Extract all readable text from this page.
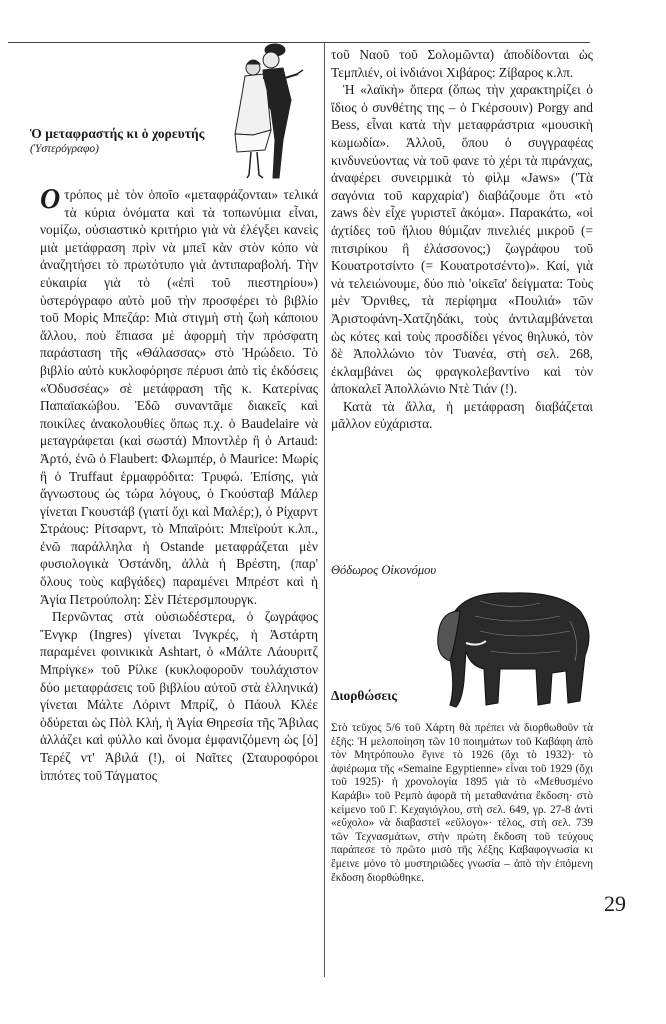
Ὁ μεταφραστής κι ὁ χορευτής
(Ὑστερόγραφο)

Ο τρόπος μὲ τὸν ὁποῖο «μεταφράζονται» τελικά τὰ κύρια ὀνόματα καὶ τὰ τοπωνύμια εἶναι, νομίζω, οὐσιαστικὸ κριτήριο γιὰ νὰ ἐλέγξει κανεὶς μιὰ μετάφραση πρὶν νὰ μπεῖ κὰν στὸν κόπο νὰ ἀναζητήσει τὸ πρωτότυπο γιὰ ἀντιπαραβολή. Τὴν εὐκαιρία γιὰ τὸ («ἐπὶ τοῦ πιεστηρίου») ὑστερόγραφο αὐτὸ μοῦ τὴν προσφέρει τὸ βιβλίο τοῦ Μορὶς Μπεζάρ: Μιὰ στιγμὴ στὴ ζωὴ κάποιου ἄλλου, ποὺ ἔπιασα μὲ ἀφορμὴ τὴν πρόσφατη παράσταση τῆς «Θάλασσας» στὸ Ἡρώδειο. Τὸ βιβλίο αὐτὸ κυκλοφόρησε πέρυσι ἀπὸ τὶς ἐκδόσεις «Ὀδυσσέας» σὲ μετάφραση τῆς κ. Κατερίνας Παπαϊακώβου. Ἐδῶ συναντᾶμε διακεῖς καὶ ποικίλες ἀνακολουθίες ὅπως π.χ. ὁ Baudelaire νὰ μεταγράφεται (καὶ σωστά) Μποντλὲρ ἢ ὁ Artaud: Ἀρτό, ἐνῶ ὁ Flaubert: Φλωμπέρ, ὁ Maurice: Μωρίς ἢ ὁ Truffaut ἑρμαφρόδιτα: Τρυφώ. Ἐπίσης, γιὰ ἄγνωστους ὡς τώρα λόγους, ὁ Γκούσταβ Μάλερ γίνεται Γκουστάβ (γιατί ὄχι καὶ Μαλέρ;), ὁ Ρίχαρντ Στράους: Ρίτσαρντ, τὸ Μπαϊρόιτ: Μπεϊρούτ κ.λπ., ἐνῶ παράλληλα ἡ Ostande μεταφράζεται μὲν φυσιολογικὰ Ὀστάνδη, ἀλλὰ ἡ Βρέστη, (παρ' ὅλους τοὺς καβγάδες) παραμένει Μπρέστ καὶ ἡ Ἁγία Πετρούπολη: Σὲν Πέτερσμπουργκ.

Περνῶντας στὰ οὐσιωδέστερα, ὁ ζωγράφος Ἔνγκρ (Ingres) γίνεται Ἰνγκρές, ἡ Ἀστάρτη παραμένει φοινικικὰ Ashtart, ὁ «Μάλτε Λάουριτζ Μπρίγκε» τοῦ Ρίλκε (κυκλοφοροῦν τουλάχιστον δύο μεταφράσεις τοῦ βιβλίου αὐτοῦ στὰ ἑλληνικά) γίνεται Μάλτε Λόριντ Μπρίζ, ὁ Πάουλ Κλέε ὁδύρεται ὡς Πὸλ Κλή, ἡ Ἁγία Θηρεσία τῆς Ἄβιλας ἀλλάζει καὶ φύλλο καὶ ὄνομα ἐμφανιζόμενη ὡς [ὁ] Τερέζ ντ' Ἀβιλά (!), οἱ Ναῖτες (Σταυροφόροι ἱππότες τοῦ Τάγματος

τοῦ Ναοῦ τοῦ Σολομῶντα) ἀποδίδονται ὡς Τεμπλιέν, οἱ ἰνδιάνοι Χιβάρος: Ζίβαρος κ.λπ.

Ἡ «λαϊκὴ» ὄπερα (ὅπως τὴν χαρακτηρίζει ὁ ἴδιος ὁ συνθέτης της – ὁ Γκέρσουιν) Porgy and Bess, εἶναι κατὰ τὴν μεταφράστρια «μουσικὴ κωμωδία». Ἀλλοῦ, ὅπου ὁ συγγραφέας κινδυνεύοντας νὰ τοῦ φανε τὸ χέρι τὰ πιράνχας, ἀναφέρει συνειρμικὰ τὸ φὶλμ «Jaws» ('Τὰ σαγόνια τοῦ καρχαρία') διαβάζουμε ὅτι «τὸ zaws δὲν εἶχε γυριστεῖ ἀκόμα». Παρακάτω, «οἱ ἀχτίδες τοῦ ἥλιου θύμιζαν πινελιές μικροῦ (= πιτσιρίκου ἢ ἐλάσσονος;) ζωγράφου τοῦ Κουατροτσίντο (= Κουατροτσέντο)». Καί, γιὰ νὰ τελειώνουμε, δύο πιὸ 'οἰκεῖα' δείγματα: Τοὺς μὲν Ὄρνιθες, τὰ περίφημα «Πουλιά» τῶν Ἀριστοφάνη-Χατζηδάκι, τοὺς ἀντιλαμβάνεται ὡς κότες καὶ τοὺς προσδίδει γένος θηλυκό, τὸν δὲ Ἀπολλώνιο τὸν Τυανέα, στὴ σελ. 268, ἐκλαμβάνει ὡς φραγκολεβαντίνο καὶ τὸν ἀποκαλεῖ Ἀπολλώνιο Ντὲ Τιάν (!).

Κατὰ τὰ ἄλλα, ἡ μετάφραση διαβάζεται μᾶλλον εὐχάριστα.

Θόδωρος Οἰκονόμου
Διορθώσεις
Στὸ τεῦχος 5/6 τοῦ Χάρτη θὰ πρέπει νὰ διορθωθοῦν τὰ ἑξῆς: Ἡ μελοποίηση τῶν 10 ποιημάτων τοῦ Καβάφη ἀπὸ τὸν Μητρόπουλο ἔγινε τὸ 1926 (ὄχι τὸ 1932)· τὸ ἀφιέρωμα τῆς «Semaine Egyptienne» εἶναι τοῦ 1929 (ὄχι τοῦ 1925)· ἡ χρονολογία 1895 γιὰ τὸ «Μεθυσμένο Καράβι» τοῦ Ρεμπὸ ἀφορᾶ τὴ μεταθανάτια ἔκδοση· στὸ κείμενο τοῦ Γ. Κεχαγιόγλου, στὴ σελ. 649, γρ. 27-8 ἀντὶ «εὔχολο» νὰ διαβαστεῖ «εὔλογο»· τέλος, στὴ σελ. 739 τῶν Τεχνασμάτων, στὴν πρώτη ἔκδοση τοῦ τεύχους παράπεσε τὸ πρῶτο μισὸ τῆς λέξης Καβαφογνωσία κι ἔμεινε μόνο τὸ μυστηριῶδες γνωσία – ἀπὸ τὴν ἑπόμενη ἔκδοση διορθώθηκε.
29
